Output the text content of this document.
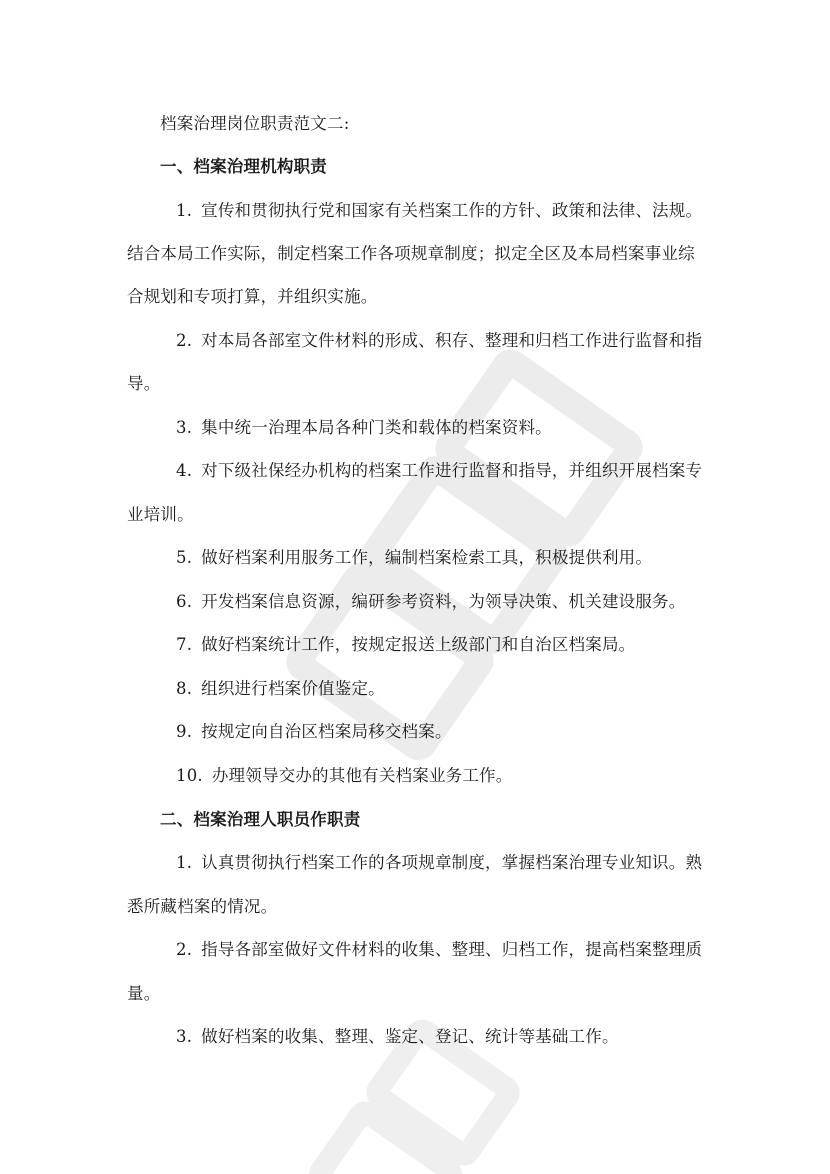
档案治理岗位职责范文二:
一、档案治理机构职责
1. 宣传和贯彻执行党和国家有关档案工作的方针、政策和法律、法规。
结合本局工作实际，制定档案工作各项规章制度；拟定全区及本局档案事业综
合规划和专项打算，并组织实施。
2. 对本局各部室文件材料的形成、积存、整理和归档工作进行监督和指
导。
3. 集中统一治理本局各种门类和载体的档案资料。
4. 对下级社保经办机构的档案工作进行监督和指导，并组织开展档案专
业培训。
5. 做好档案利用服务工作，编制档案检索工具，积极提供利用。
6. 开发档案信息资源，编研参考资料，为领导决策、机关建设服务。
7. 做好档案统计工作，按规定报送上级部门和自治区档案局。
8. 组织进行档案价值鉴定。
9. 按规定向自治区档案局移交档案。
10. 办理领导交办的其他有关档案业务工作。
二、档案治理人职员作职责
1. 认真贯彻执行档案工作的各项规章制度，掌握档案治理专业知识。熟
悉所藏档案的情况。
2. 指导各部室做好文件材料的收集、整理、归档工作，提高档案整理质
量。
3. 做好档案的收集、整理、鉴定、登记、统计等基础工作。
